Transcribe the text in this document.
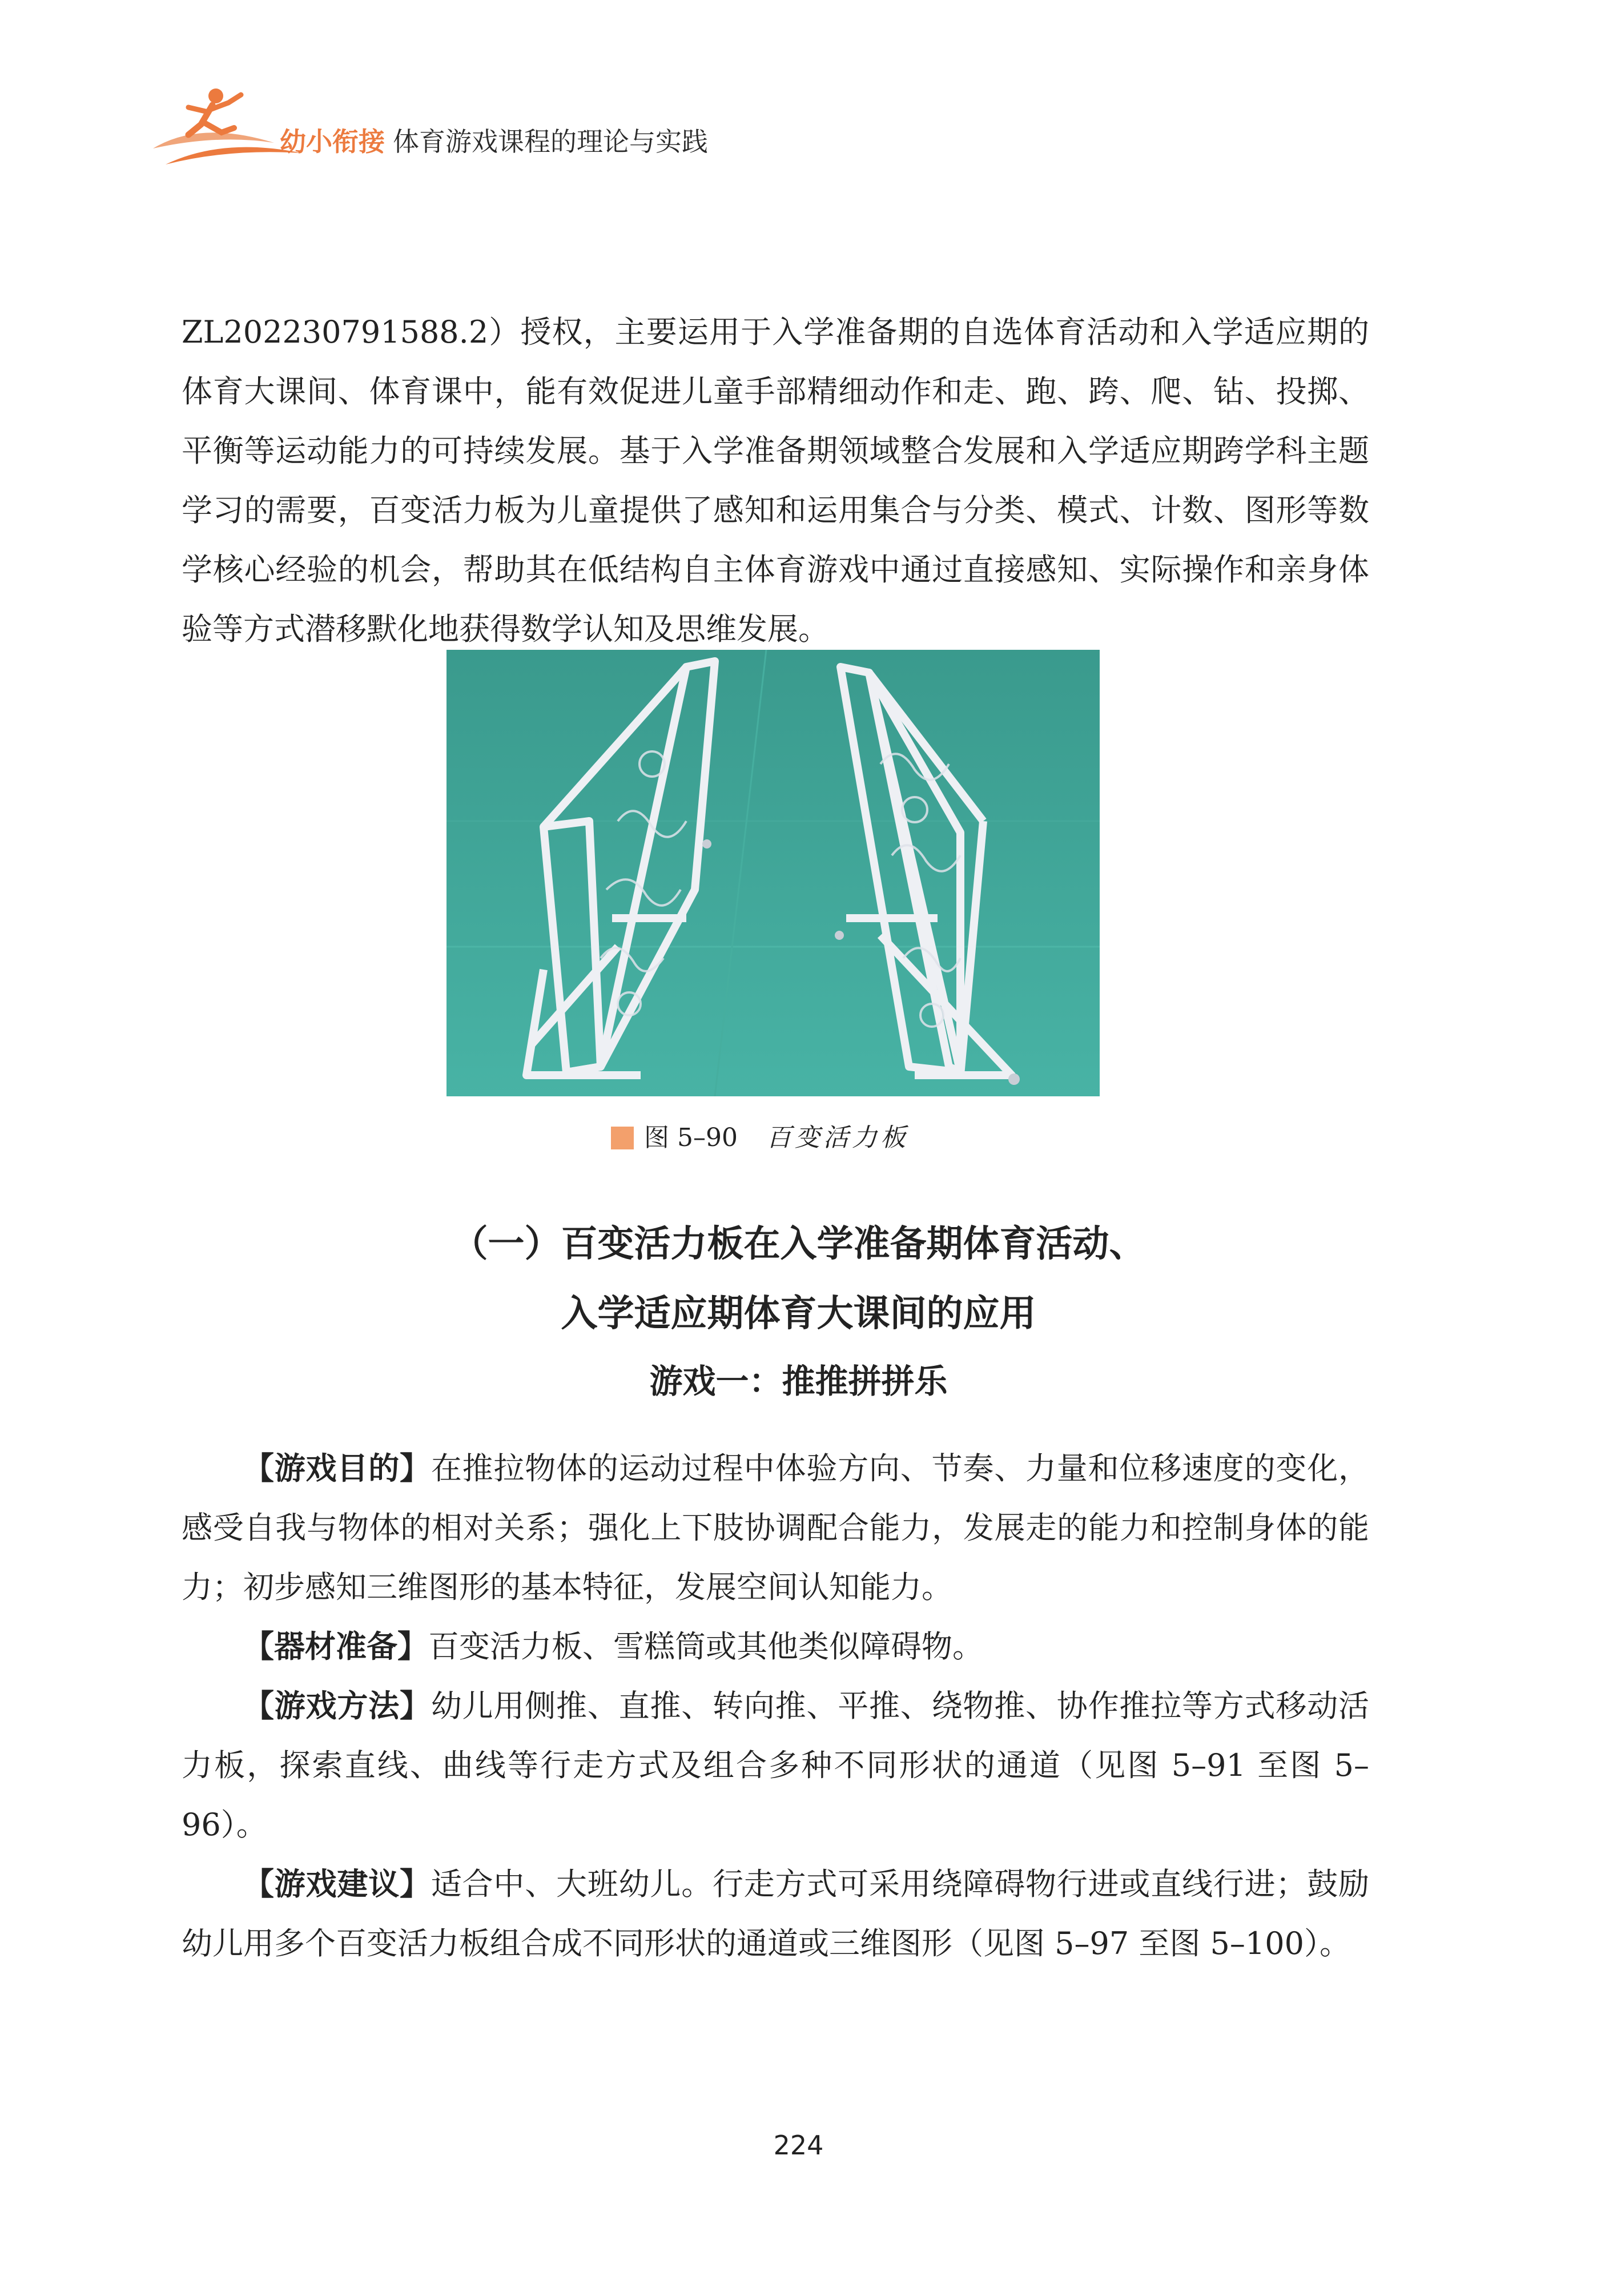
幼小衔接 体育游戏课程的理论与实践

ZL202230791588.2）授权，主要运用于入学准备期的自选体育活动和入学适应期的体育大课间、体育课中，能有效促进儿童手部精细动作和走、跑、跨、爬、钻、投掷、平衡等运动能力的可持续发展。基于入学准备期领域整合发展和入学适应期跨学科主题学习的需要，百变活力板为儿童提供了感知和运用集合与分类、模式、计数、图形等数学核心经验的机会，帮助其在低结构自主体育游戏中通过直接感知、实际操作和亲身体验等方式潜移默化地获得数学认知及思维发展。

图 5–90 百变活力板
（一）百变活力板在入学准备期体育活动、
入学适应期体育大课间的应用
游戏一：推推拼拼乐

【游戏目的】在推拉物体的运动过程中体验方向、节奏、力量和位移速度的变化，感受自我与物体的相对关系；强化上下肢协调配合能力，发展走的能力和控制身体的能力；初步感知三维图形的基本特征，发展空间认知能力。

【器材准备】百变活力板、雪糕筒或其他类似障碍物。

【游戏方法】幼儿用侧推、直推、转向推、平推、绕物推、协作推拉等方式移动活力板，探索直线、曲线等行走方式及组合多种不同形状的通道（见图 5–91 至图 5–96）。

【游戏建议】适合中、大班幼儿。行走方式可采用绕障碍物行进或直线行进；鼓励幼儿用多个百变活力板组合成不同形状的通道或三维图形（见图 5–97 至图 5–100）。

224
